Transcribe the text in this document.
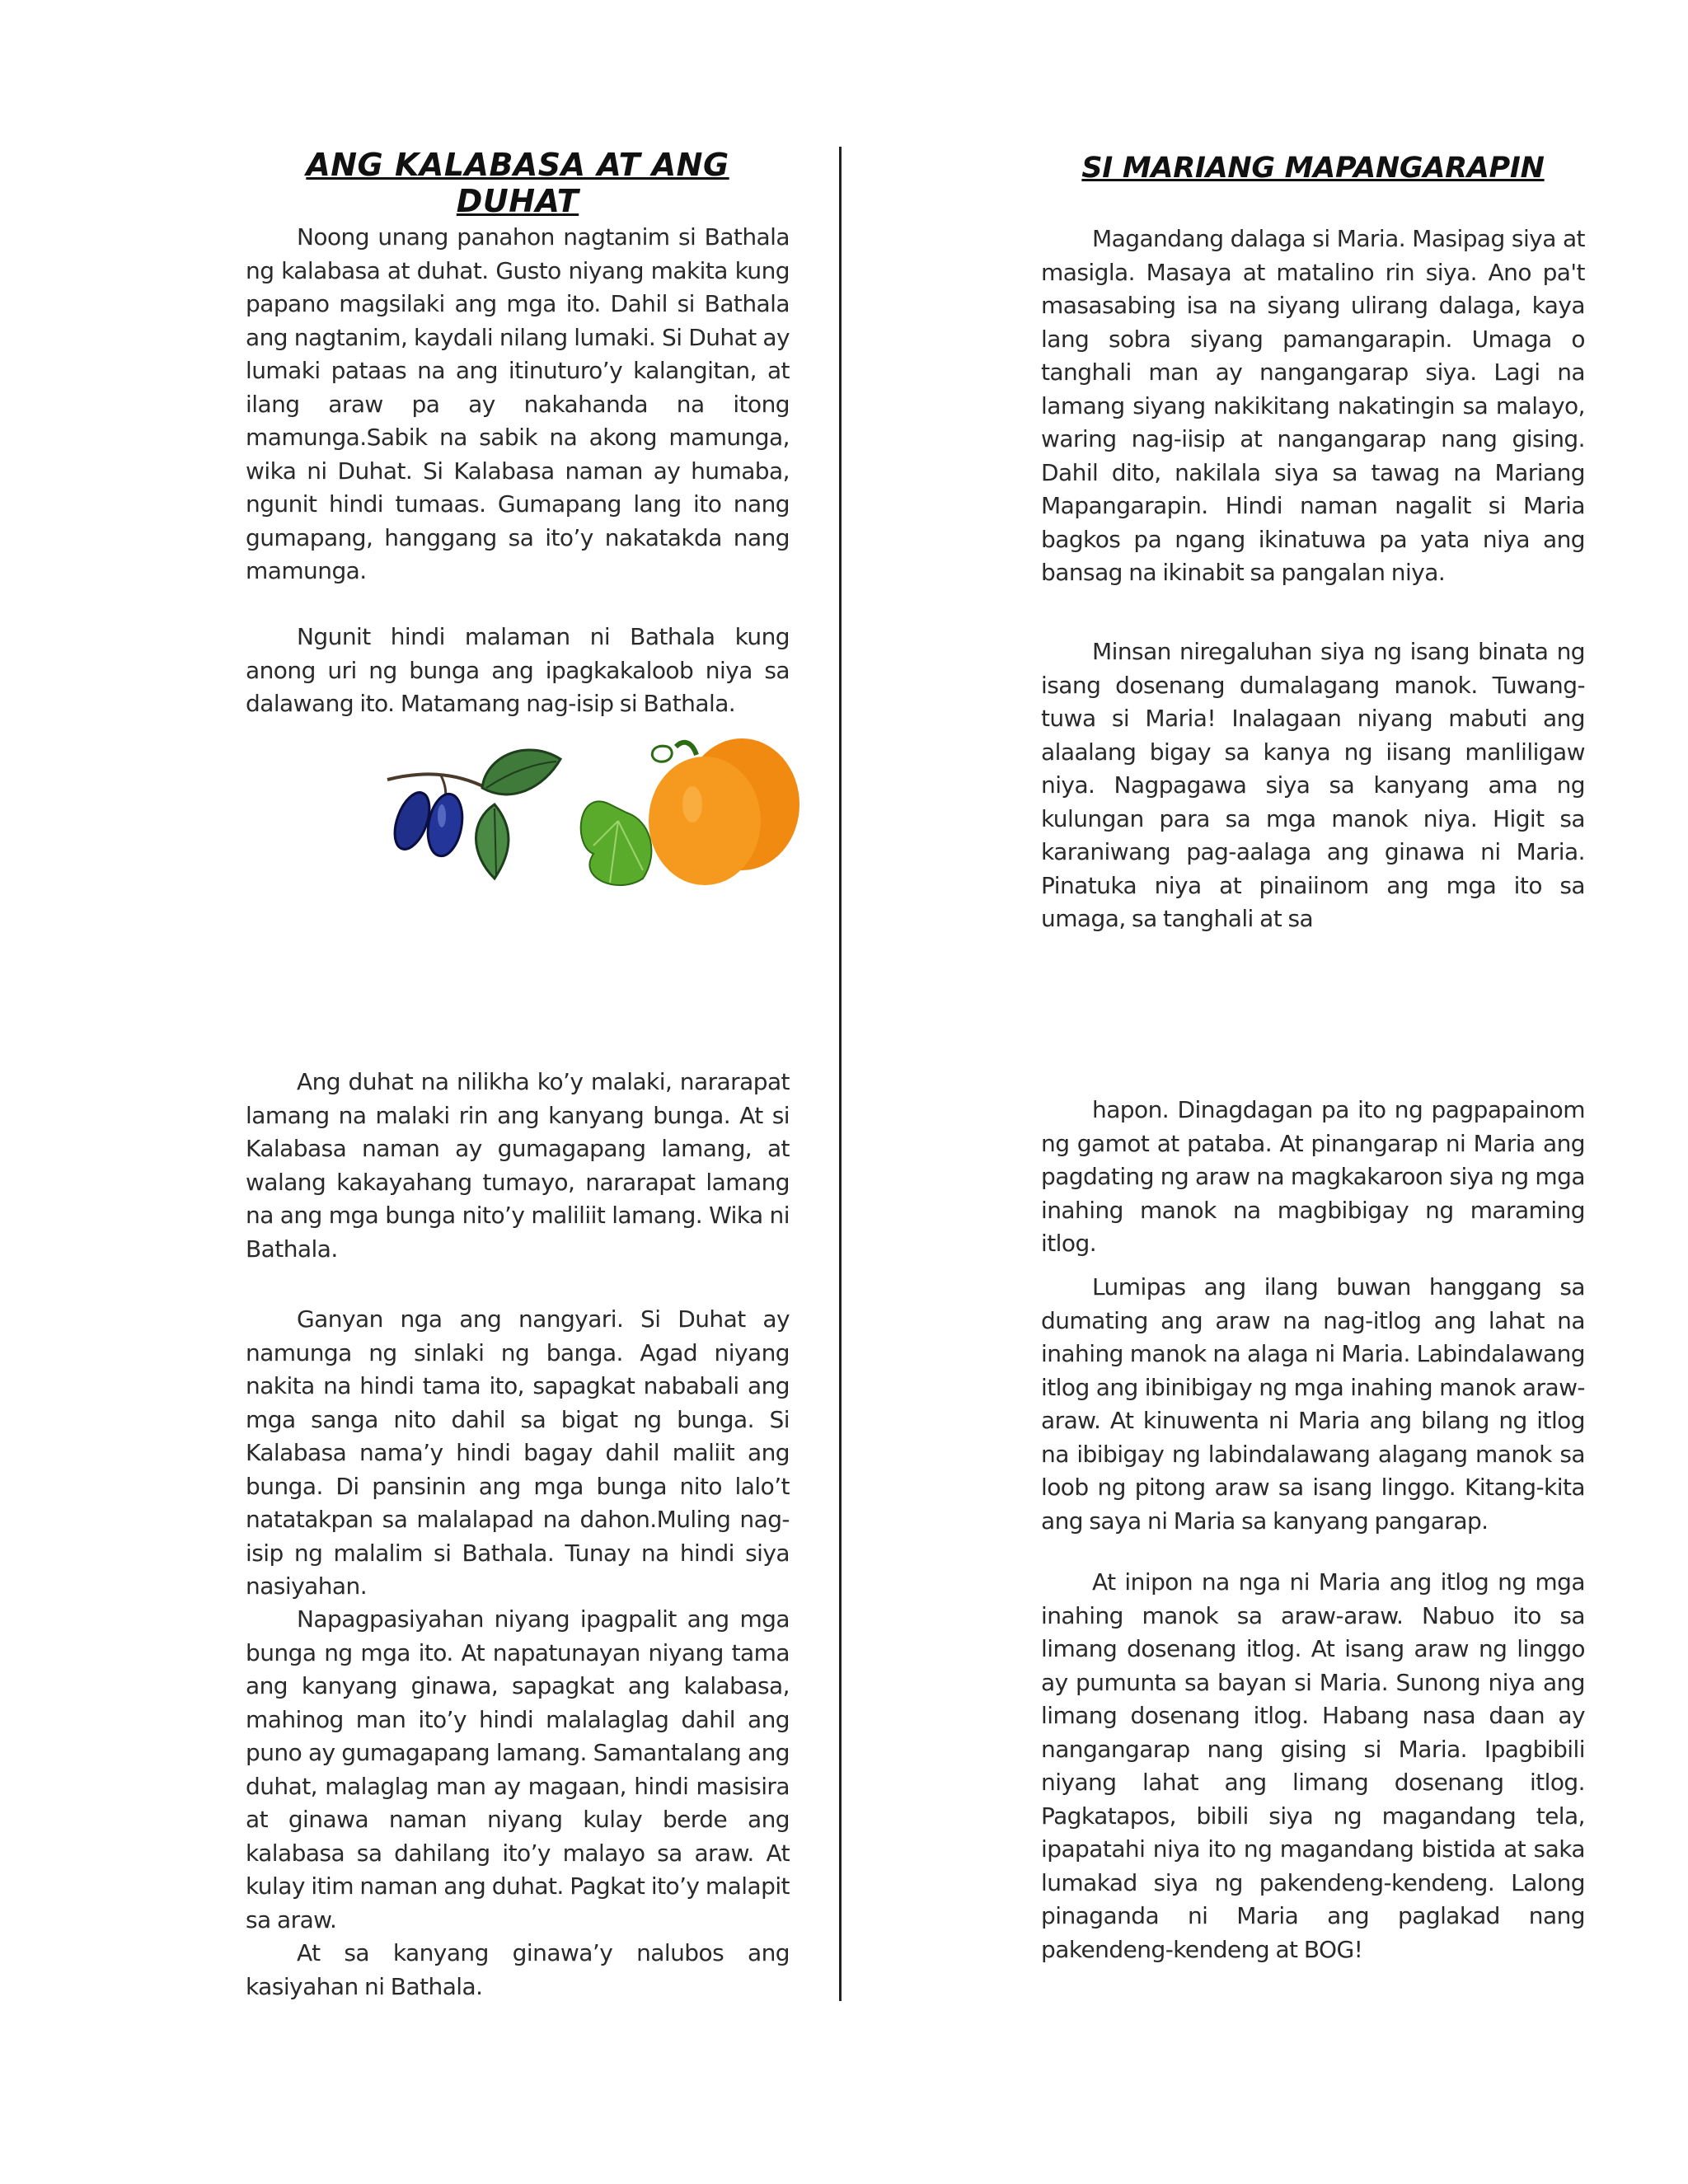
ANG KALABASA AT ANG DUHAT

Noong unang panahon nagtanim si Bathala ng kalabasa at duhat. Gusto niyang makita kung papano magsilaki ang mga ito. Dahil si Bathala ang nagtanim, kaydali nilang lumaki. Si Duhat ay lumaki pataas na ang itinuturo’y kalangitan, at ilang araw pa ay nakahanda na itong mamunga.Sabik na sabik na akong mamunga, wika ni Duhat. Si Kalabasa naman ay humaba, ngunit hindi tumaas. Gumapang lang ito nang gumapang, hanggang sa ito’y nakatakda nang mamunga.

Ngunit hindi malaman ni Bathala kung anong uri ng bunga ang ipagkakaloob niya sa dalawang ito. Matamang nag-isip si Bathala.

Ang duhat na nilikha ko’y malaki, nararapat lamang na malaki rin ang kanyang bunga. At si Kalabasa naman ay gumagapang lamang, at walang kakayahang tumayo, nararapat lamang na ang mga bunga nito’y maliliit lamang. Wika ni Bathala.

Ganyan nga ang nangyari. Si Duhat ay namunga ng sinlaki ng banga. Agad niyang nakita na hindi tama ito, sapagkat nababali ang mga sanga nito dahil sa bigat ng bunga. Si Kalabasa nama’y hindi bagay dahil maliit ang bunga. Di pansinin ang mga bunga nito lalo’t natatakpan sa malalapad na dahon.Muling nag-isip ng malalim si Bathala. Tunay na hindi siya nasiyahan.

Napagpasiyahan niyang ipagpalit ang mga bunga ng mga ito. At napatunayan niyang tama ang kanyang ginawa, sapagkat ang kalabasa, mahinog man ito’y hindi malalaglag dahil ang puno ay gumagapang lamang. Samantalang ang duhat, malaglag man ay magaan, hindi masisira at ginawa naman niyang kulay berde ang kalabasa sa dahilang ito’y malayo sa araw. At kulay itim naman ang duhat. Pagkat ito’y malapit sa araw.

At sa kanyang ginawa’y nalubos ang kasiyahan ni Bathala.

SI MARIANG MAPANGARAPIN

Magandang dalaga si Maria. Masipag siya at masigla. Masaya at matalino rin siya. Ano pa't masasabing isa na siyang ulirang dalaga, kaya lang sobra siyang pamangarapin. Umaga o tanghali man ay nangangarap siya. Lagi na lamang siyang nakikitang nakatingin sa malayo, waring nag-iisip at nangangarap nang gising. Dahil dito, nakilala siya sa tawag na Mariang Mapangarapin. Hindi naman nagalit si Maria bagkos pa ngang ikinatuwa pa yata niya ang bansag na ikinabit sa pangalan niya.

Minsan niregaluhan siya ng isang binata ng isang dosenang dumalagang manok. Tuwang-tuwa si Maria! Inalagaan niyang mabuti ang alaalang bigay sa kanya ng iisang manliligaw niya. Nagpagawa siya sa kanyang ama ng kulungan para sa mga manok niya. Higit sa karaniwang pag-aalaga ang ginawa ni Maria. Pinatuka niya at pinaiinom ang mga ito sa umaga, sa tanghali at sa

hapon. Dinagdagan pa ito ng pagpapainom ng gamot at pataba. At pinangarap ni Maria ang pagdating ng araw na magkakaroon siya ng mga inahing manok na magbibigay ng maraming itlog.

Lumipas ang ilang buwan hanggang sa dumating ang araw na nag-itlog ang lahat na inahing manok na alaga ni Maria. Labindalawang itlog ang ibinibigay ng mga inahing manok araw-araw. At kinuwenta ni Maria ang bilang ng itlog na ibibigay ng labindalawang alagang manok sa loob ng pitong araw sa isang linggo. Kitang-kita ang saya ni Maria sa kanyang pangarap.

At inipon na nga ni Maria ang itlog ng mga inahing manok sa araw-araw. Nabuo ito sa limang dosenang itlog. At isang araw ng linggo ay pumunta sa bayan si Maria. Sunong niya ang limang dosenang itlog. Habang nasa daan ay nangangarap nang gising si Maria. Ipagbibili niyang lahat ang limang dosenang itlog. Pagkatapos, bibili siya ng magandang tela, ipapatahi niya ito ng magandang bistida at saka lumakad siya ng pakendeng-kendeng. Lalong pinaganda ni Maria ang paglakad nang pakendeng-kendeng at BOG!
